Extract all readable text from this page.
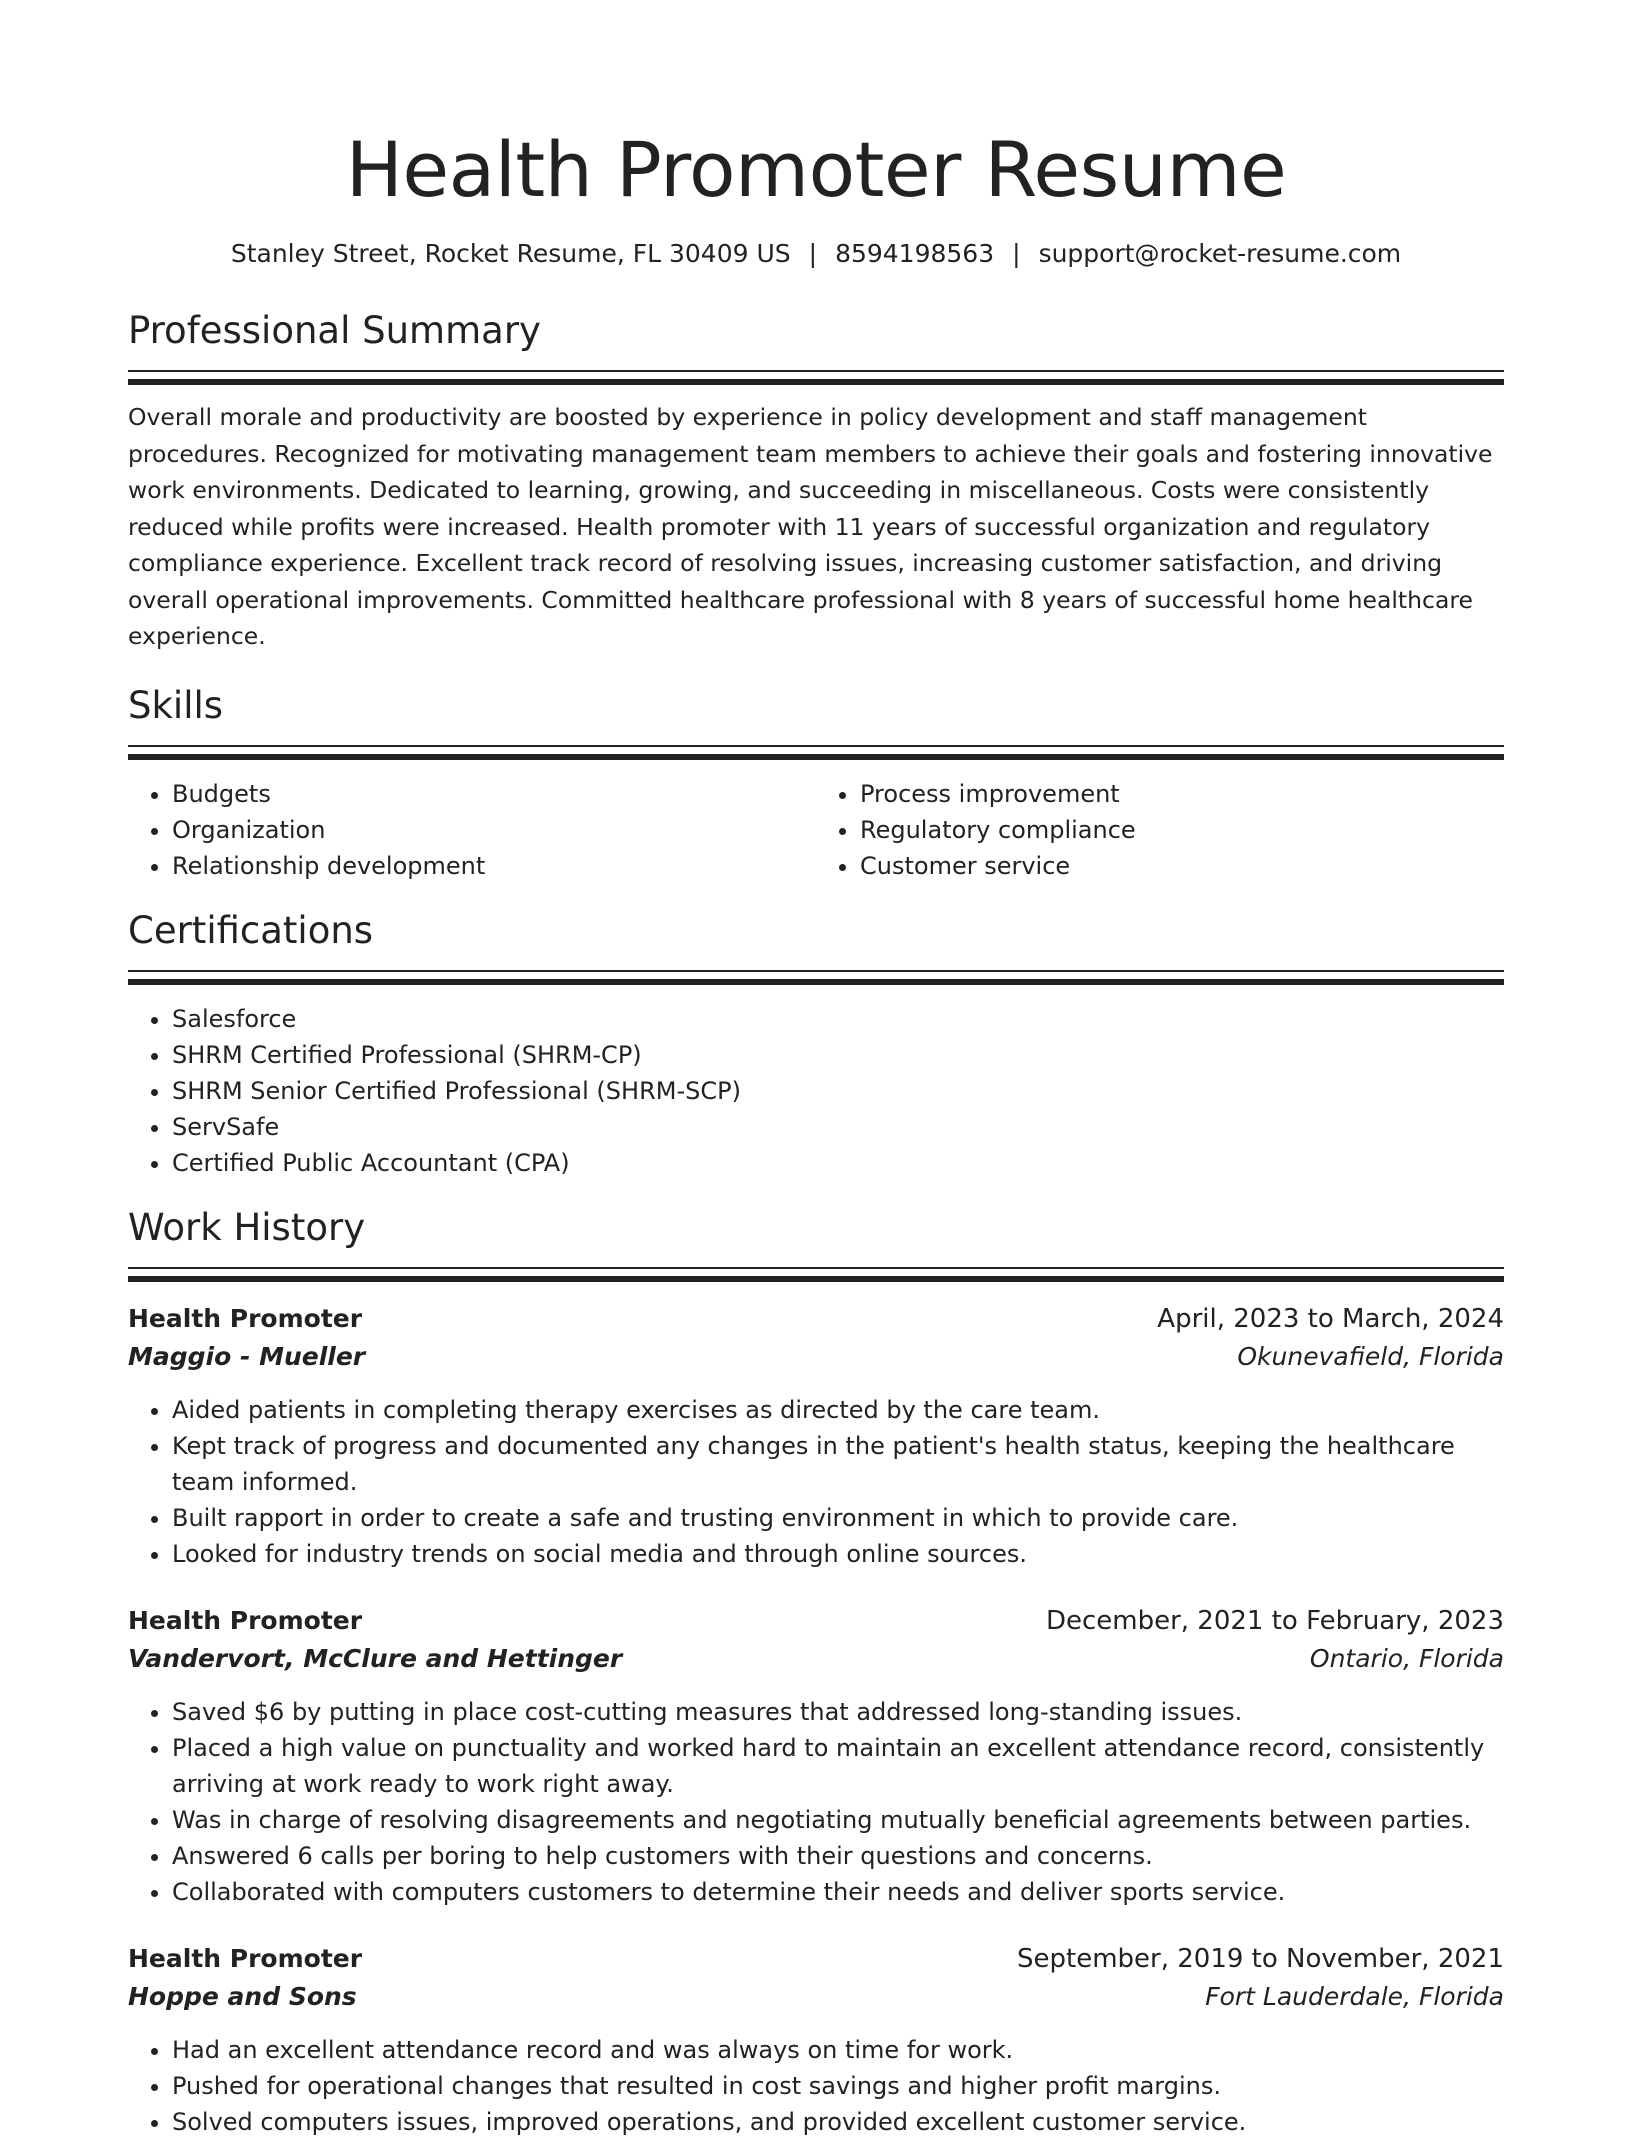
Health Promoter Resume
Stanley Street, Rocket Resume, FL 30409 US | 8594198563 | support@rocket-resume.com
Professional Summary
Overall morale and productivity are boosted by experience in policy development and staff management procedures. Recognized for motivating management team members to achieve their goals and fostering innovative work environments. Dedicated to learning, growing, and succeeding in miscellaneous. Costs were consistently reduced while profits were increased. Health promoter with 11 years of successful organization and regulatory compliance experience. Excellent track record of resolving issues, increasing customer satisfaction, and driving overall operational improvements. Committed healthcare professional with 8 years of successful home healthcare experience.
Skills
• Budgets
• Organization
• Relationship development
• Process improvement
• Regulatory compliance
• Customer service
Certifications
• Salesforce
• SHRM Certified Professional (SHRM-CP)
• SHRM Senior Certified Professional (SHRM-SCP)
• ServSafe
• Certified Public Accountant (CPA)
Work History
Health Promoter	April, 2023 to March, 2024
Maggio - Mueller	Okunevafield, Florida
• Aided patients in completing therapy exercises as directed by the care team.
• Kept track of progress and documented any changes in the patient's health status, keeping the healthcare team informed.
• Built rapport in order to create a safe and trusting environment in which to provide care.
• Looked for industry trends on social media and through online sources.
Health Promoter	December, 2021 to February, 2023
Vandervort, McClure and Hettinger	Ontario, Florida
• Saved $6 by putting in place cost-cutting measures that addressed long-standing issues.
• Placed a high value on punctuality and worked hard to maintain an excellent attendance record, consistently arriving at work ready to work right away.
• Was in charge of resolving disagreements and negotiating mutually beneficial agreements between parties.
• Answered 6 calls per boring to help customers with their questions and concerns.
• Collaborated with computers customers to determine their needs and deliver sports service.
Health Promoter	September, 2019 to November, 2021
Hoppe and Sons	Fort Lauderdale, Florida
• Had an excellent attendance record and was always on time for work.
• Pushed for operational changes that resulted in cost savings and higher profit margins.
• Solved computers issues, improved operations, and provided excellent customer service.
